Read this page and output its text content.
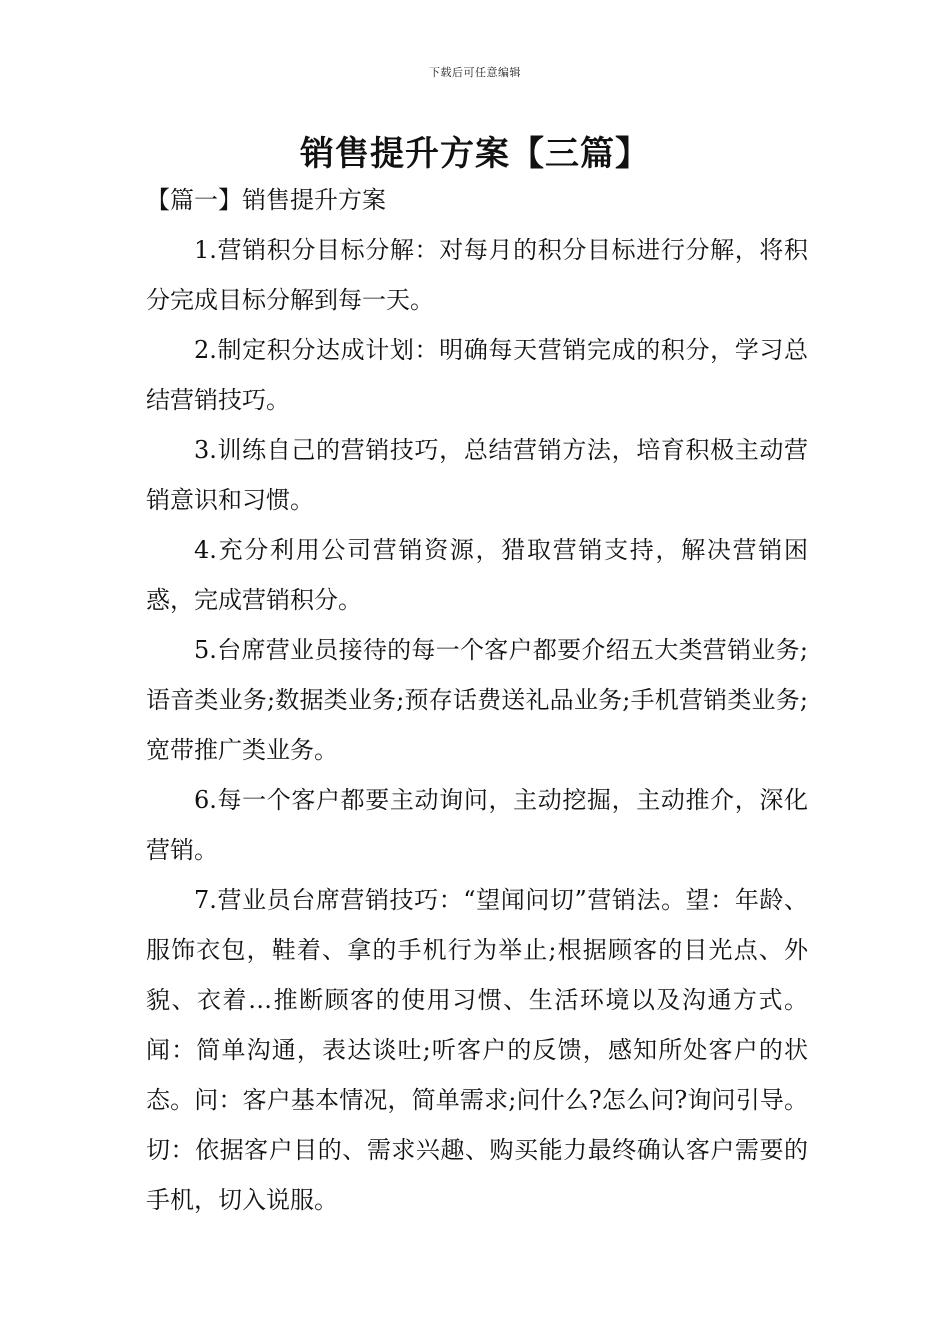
下载后可任意编辑
销售提升方案【三篇】
【篇一】销售提升方案

1.营销积分目标分解：对每月的积分目标进行分解，将积分完成目标分解到每一天。

2.制定积分达成计划：明确每天营销完成的积分，学习总结营销技巧。

3.训练自己的营销技巧，总结营销方法，培育积极主动营销意识和习惯。

4.充分利用公司营销资源，猎取营销支持，解决营销困惑，完成营销积分。

5.台席营业员接待的每一个客户都要介绍五大类营销业务;语音类业务;数据类业务;预存话费送礼品业务;手机营销类业务;宽带推广类业务。

6.每一个客户都要主动询问，主动挖掘，主动推介，深化营销。

7.营业员台席营销技巧：“望闻问切”营销法。望：年龄、服饰衣包，鞋着、拿的手机行为举止;根据顾客的目光点、外貌、衣着…推断顾客的使用习惯、生活环境以及沟通方式。闻：简单沟通，表达谈吐;听客户的反馈，感知所处客户的状态。问：客户基本情况，简单需求;问什么?怎么问?询问引导。切：依据客户目的、需求兴趣、购买能力最终确认客户需要的手机，切入说服。
